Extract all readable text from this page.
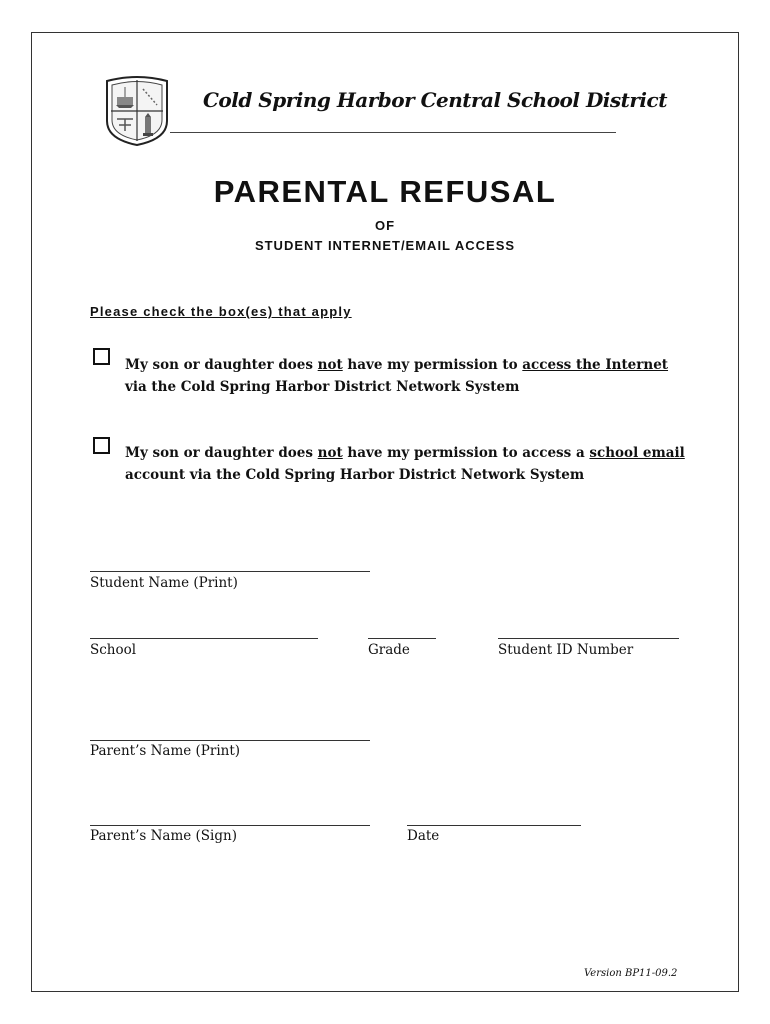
Cold Spring Harbor Central School District
PARENTAL REFUSAL
OF
STUDENT INTERNET/EMAIL ACCESS
Please check the box(es) that apply
My son or daughter does not have my permission to access the Internet via the Cold Spring Harbor District Network System
My son or daughter does not have my permission to access a school email account via the Cold Spring Harbor District Network System
Student Name (Print)
School	Grade	Student ID Number
Parent’s Name (Print)
Parent’s Name (Sign)	Date
Version BP11-09.2
